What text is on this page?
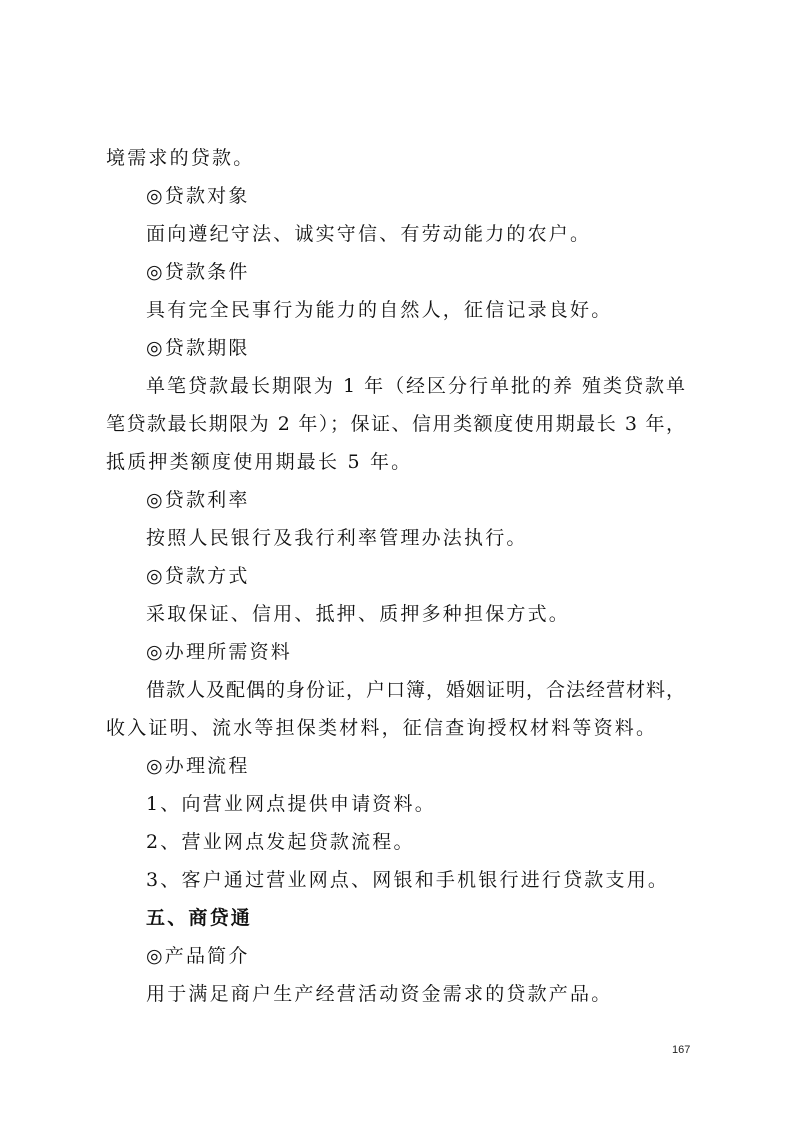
境需求的贷款。
◎贷款对象
面向遵纪守法、诚实守信、有劳动能力的农户。
◎贷款条件
具有完全民事行为能力的自然人，征信记录良好。
◎贷款期限
单笔贷款最长期限为 1 年（经区分行单批的养 殖类贷款单
笔贷款最长期限为 2 年）；保证、信用类额度使用期最长 3 年，
抵质押类额度使用期最长 5 年。
◎贷款利率
按照人民银行及我行利率管理办法执行。
◎贷款方式
采取保证、信用、抵押、质押多种担保方式。
◎办理所需资料
借款人及配偶的身份证，户口簿，婚姻证明，合法经营材料，
收入证明、流水等担保类材料，征信查询授权材料等资料。
◎办理流程
1、向营业网点提供申请资料。
2、营业网点发起贷款流程。
3、客户通过营业网点、网银和手机银行进行贷款支用。
五、商贷通
◎产品简介
用于满足商户生产经营活动资金需求的贷款产品。
167
